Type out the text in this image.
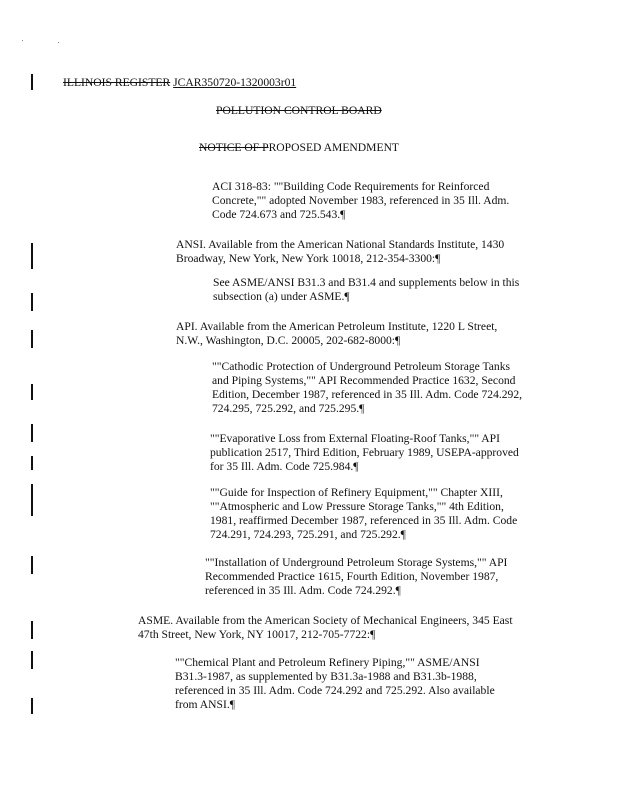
ILLINOIS REGISTER JCAR350720-1320003r01
POLLUTION CONTROL BOARD
NOTICE OF PROPOSED AMENDMENT
ACI 318-83: ""Building Code Requirements for Reinforced
Concrete,"" adopted November 1983, referenced in 35 Ill. Adm.
Code 724.673 and 725.543.¶
ANSI. Available from the American National Standards Institute, 1430
Broadway, New York, New York 10018, 212-354-3300:¶
See ASME/ANSI B31.3 and B31.4 and supplements below in this
subsection (a) under ASME.¶
API. Available from the American Petroleum Institute, 1220 L Street,
N.W., Washington, D.C. 20005, 202-682-8000:¶
""Cathodic Protection of Underground Petroleum Storage Tanks
and Piping Systems,"" API Recommended Practice 1632, Second
Edition, December 1987, referenced in 35 Ill. Adm. Code 724.292,
724.295, 725.292, and 725.295.¶
""Evaporative Loss from External Floating-Roof Tanks,"" API
publication 2517, Third Edition, February 1989, USEPA-approved
for 35 Ill. Adm. Code 725.984.¶
""Guide for Inspection of Refinery Equipment,"" Chapter XIII,
""Atmospheric and Low Pressure Storage Tanks,"" 4th Edition,
1981, reaffirmed December 1987, referenced in 35 Ill. Adm. Code
724.291, 724.293, 725.291, and 725.292.¶
""Installation of Underground Petroleum Storage Systems,"" API
Recommended Practice 1615, Fourth Edition, November 1987,
referenced in 35 Ill. Adm. Code 724.292.¶
ASME. Available from the American Society of Mechanical Engineers, 345 East
47th Street, New York, NY 10017, 212-705-7722:¶
""Chemical Plant and Petroleum Refinery Piping,"" ASME/ANSI
B31.3-1987, as supplemented by B31.3a-1988 and B31.3b-1988,
referenced in 35 Ill. Adm. Code 724.292 and 725.292. Also available
from ANSI.¶
